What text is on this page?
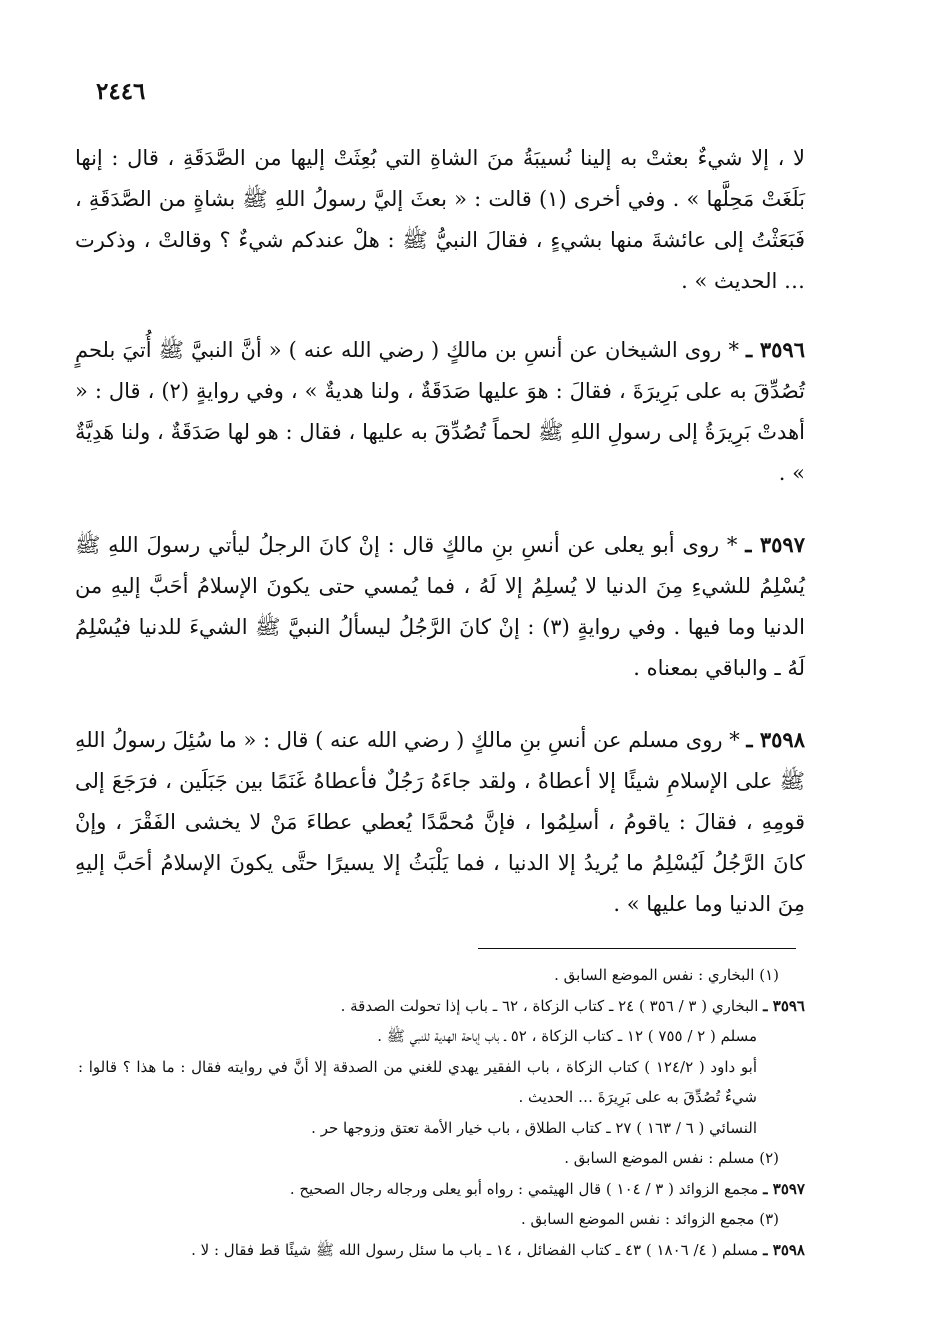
٢٤٤٦

لا ، إلا شيءٌ بعثتْ به إلينا نُسيبَةُ منَ الشاةِ التي بُعِثَتْ إليها من الصَّدَقَةِ ، قال : إنها بَلَغَتْ مَحِلَّها » . وفي أخرى (١) قالت : « بعثَ إليَّ رسولُ اللهِ ﷺ بشاةٍ من الصَّدَقَةِ ، فَبَعَثْتُ إلى عائشةَ منها بشيءٍ ، فقالَ النبيُّ ﷺ : هلْ عندكم شيءٌ ؟ وقالتْ ، وذكرت … الحديث » .

٣٥٩٦ ـ * روى الشيخان عن أنسِ بن مالكٍ ( رضي الله عنه ) « أنَّ النبيَّ ﷺ أُتيَ بلحمٍ تُصُدِّقَ به على بَرِيرَةَ ، فقالَ : هوَ عليها صَدَقَةٌ ، ولنا هديةٌ » ، وفي روايةٍ (٢) ، قال : « أهدتْ بَرِيرَةُ إلى رسولِ اللهِ ﷺ لحماً تُصُدِّقَ به عليها ، فقال : هو لها صَدَقَةٌ ، ولنا هَدِيَّةٌ » .

٣٥٩٧ ـ * روى أبو يعلى عن أنسِ بنِ مالكٍ قال : إنْ كانَ الرجلُ ليأتي رسولَ اللهِ ﷺ يُسْلِمُ للشيءِ مِنَ الدنيا لا يُسلِمُ إلا لَهُ ، فما يُمسي حتى يكونَ الإسلامُ أحَبَّ إليهِ من الدنيا وما فيها . وفي روايةٍ (٣) : إنْ كانَ الرَّجُلُ ليسألُ النبيَّ ﷺ الشيءَ للدنيا فيُسْلِمُ لَهُ ـ والباقي بمعناه .

٣٥٩٨ ـ * روى مسلم عن أنسِ بنِ مالكٍ ( رضي الله عنه ) قال : « ما سُئِلَ رسولُ اللهِ ﷺ على الإسلامِ شيئًا إلا أعطاهُ ، ولقد جاءَهُ رَجُلٌ فأعطاهُ غَنَمًا بين جَبَلَين ، فرَجَعَ إلى قومِهِ ، فقالَ : ياقومُ ، أسلِمُوا ، فإنَّ مُحمَّدًا يُعطي عطاءَ مَنْ لا يخشى الفَقْرَ ، وإنْ كانَ الرَّجُلُ لَيُسْلِمُ ما يُريدُ إلا الدنيا ، فما يَلْبَثُ إلا يسيرًا حتَّى يكونَ الإسلامُ أحَبَّ إليهِ مِنَ الدنيا وما عليها » .

(١) البخاري : نفس الموضع السابق .

٣٥٩٦ ـ البخاري ( ٣ / ٣٥٦ ) ٢٤ ـ كتاب الزكاة ، ٦٢ ـ باب إذا تحولت الصدقة .

مسلم ( ٢ / ٧٥٥ ) ١٢ ـ كتاب الزكاة ، ٥٢ ـ باب إباحة الهدية للنبي ﷺ .

أبو داود ( ١٢٤/٢ ) كتاب الزكاة ، باب الفقير يهدي للغني من الصدقة إلا أنَّ في روايته فقال : ما هذا ؟ قالوا : شيءٌ تُصُدِّقَ به على بَرِيرَةَ … الحديث .

النسائي ( ٦ / ١٦٣ ) ٢٧ ـ كتاب الطلاق ، باب خيار الأمة تعتق وزوجها حر .

(٢) مسلم : نفس الموضع السابق .

٣٥٩٧ ـ مجمع الزوائد ( ٣ / ١٠٤ ) قال الهيثمي : رواه أبو يعلى ورجاله رجال الصحيح .

(٣) مجمع الزوائد : نفس الموضع السابق .

٣٥٩٨ ـ مسلم ( ٤/ ١٨٠٦ ) ٤٣ ـ كتاب الفضائل ، ١٤ ـ باب ما سئل رسول الله ﷺ شيئًا قط فقال : لا .
